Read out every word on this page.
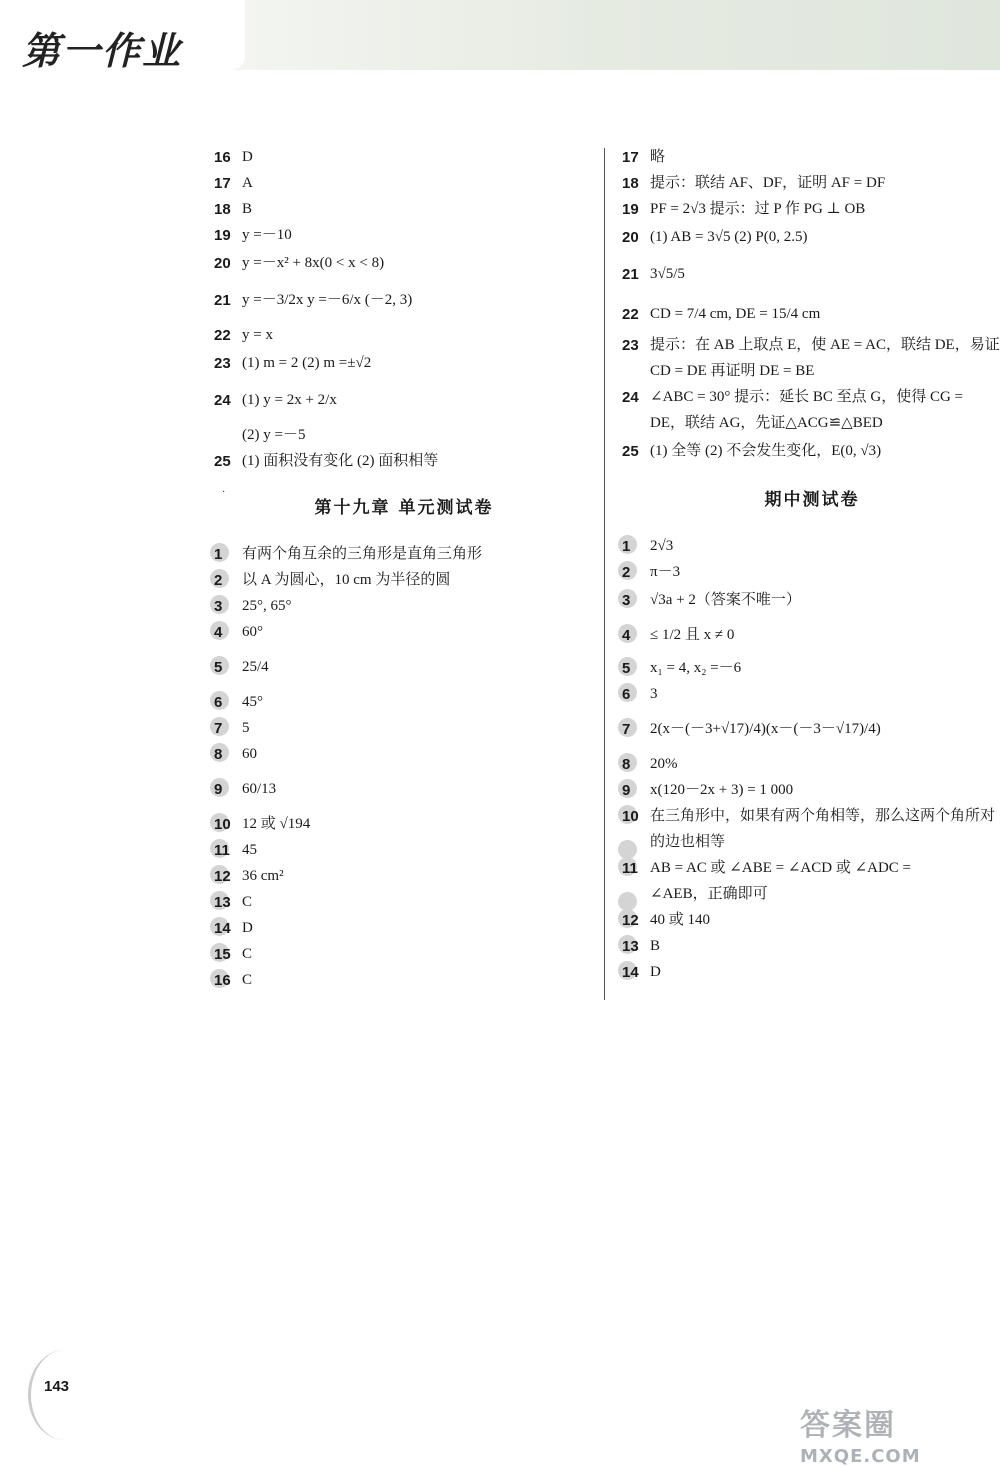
第一作业
16 D
17 A
18 B
19 y =－10
20 y =－x² + 8x(0 < x < 8)
21 y =－3/2x y =－6/x (－2, 3)
22 y = x
23 (1) m = 2 (2) m =±√2
24 (1) y = 2x + 2/x
(2) y =－5
25 (1) 面积没有变化 (2) 面积相等
第十九章 单元测试卷
1	有两个角互余的三角形是直角三角形
2	以 A 为圆心，10 cm 为半径的圆
3	25°, 65°
4	60°
5	25/4
6	45°
7	5
8	60
9	60/13
10 12 或 √194
11 45
12 36 cm²
13 C
14 D
15 C
16 C
·
17 略
18 提示：联结 AF、DF，证明 AF = DF
19 PF = 2√3 提示：过 P 作 PG ⊥ OB
20 (1) AB = 3√5 (2) P(0, 2.5)
21 3√5/5
22 CD = 7/4 cm, DE = 15/4 cm
23 提示：在 AB 上取点 E，使 AE = AC，联结 DE，易证
CD = DE 再证明 DE = BE
24 ∠ABC = 30° 提示：延长 BC 至点 G，使得 CG =
DE，联结 AG，先证△ACG≌△BED
25 (1) 全等 (2) 不会发生变化，E(0, √3)
期中测试卷
1	2√3
2	π－3
3	√3a + 2（答案不唯一）
4	≤ 1/2 且 x ≠ 0
5	x₁ = 4, x₂ =－6
6	3
7	2(x－(－3+√17)/4)(x－(－3－√17)/4)
8	20%
9	x(120－2x + 3) = 1 000
10 在三角形中，如果有两个角相等，那么这两个角所对
的边也相等
11 AB = AC 或 ∠ABE = ∠ACD 或 ∠ADC =
∠AEB，正确即可
12 40 或 140
13 B
14 D
143
答案圈
MXQE.COM
